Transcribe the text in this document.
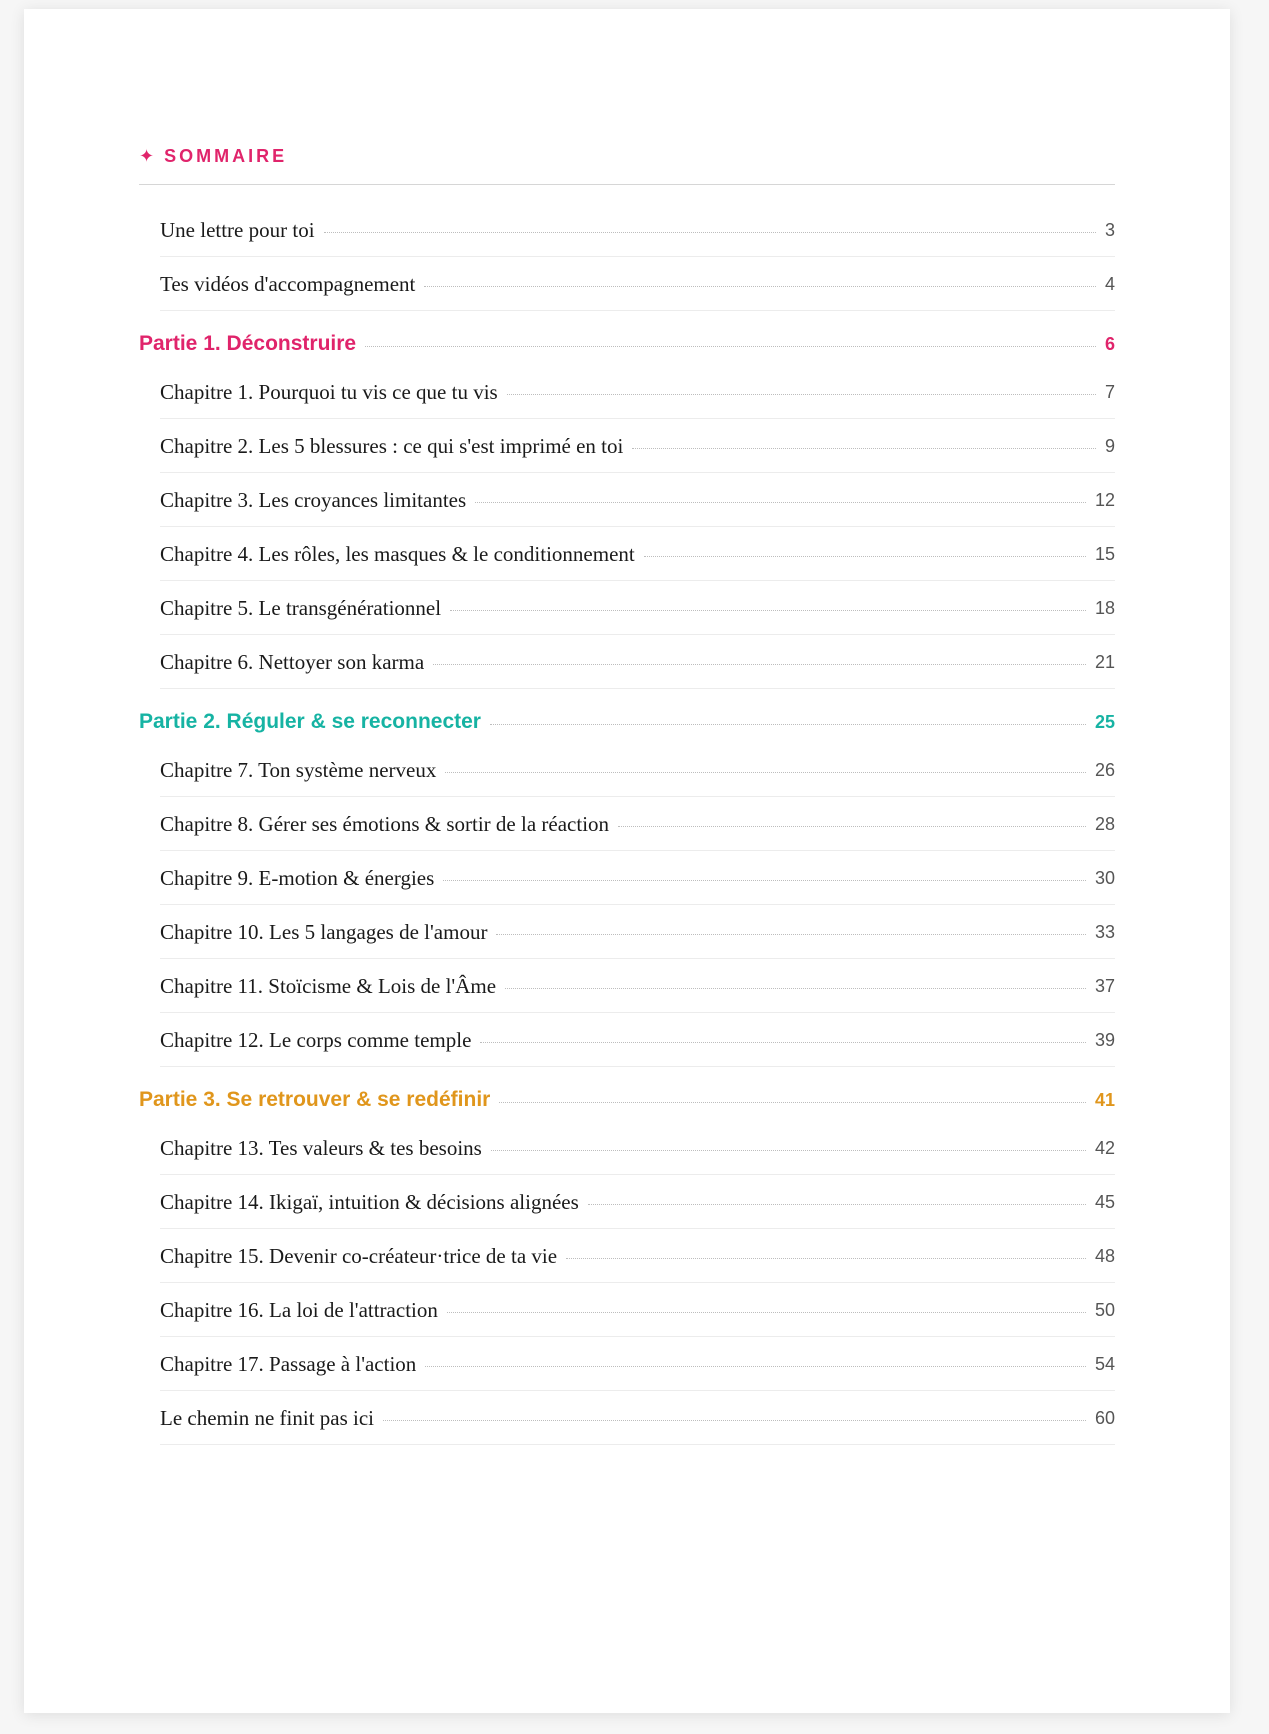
✦ SOMMAIRE
Une lettre pour toi	3
Tes vidéos d'accompagnement	4
Partie 1. Déconstruire	6
Chapitre 1. Pourquoi tu vis ce que tu vis	7
Chapitre 2. Les 5 blessures : ce qui s'est imprimé en toi	9
Chapitre 3. Les croyances limitantes	12
Chapitre 4. Les rôles, les masques & le conditionnement	15
Chapitre 5. Le transgénérationnel	18
Chapitre 6. Nettoyer son karma	21
Partie 2. Réguler & se reconnecter	25
Chapitre 7. Ton système nerveux	26
Chapitre 8. Gérer ses émotions & sortir de la réaction	28
Chapitre 9. E-motion & énergies	30
Chapitre 10. Les 5 langages de l'amour	33
Chapitre 11. Stoïcisme & Lois de l'Âme	37
Chapitre 12. Le corps comme temple	39
Partie 3. Se retrouver & se redéfinir	41
Chapitre 13. Tes valeurs & tes besoins	42
Chapitre 14. Ikigaï, intuition & décisions alignées	45
Chapitre 15. Devenir co-créateur·trice de ta vie	48
Chapitre 16. La loi de l'attraction	50
Chapitre 17. Passage à l'action	54
Le chemin ne finit pas ici	60
